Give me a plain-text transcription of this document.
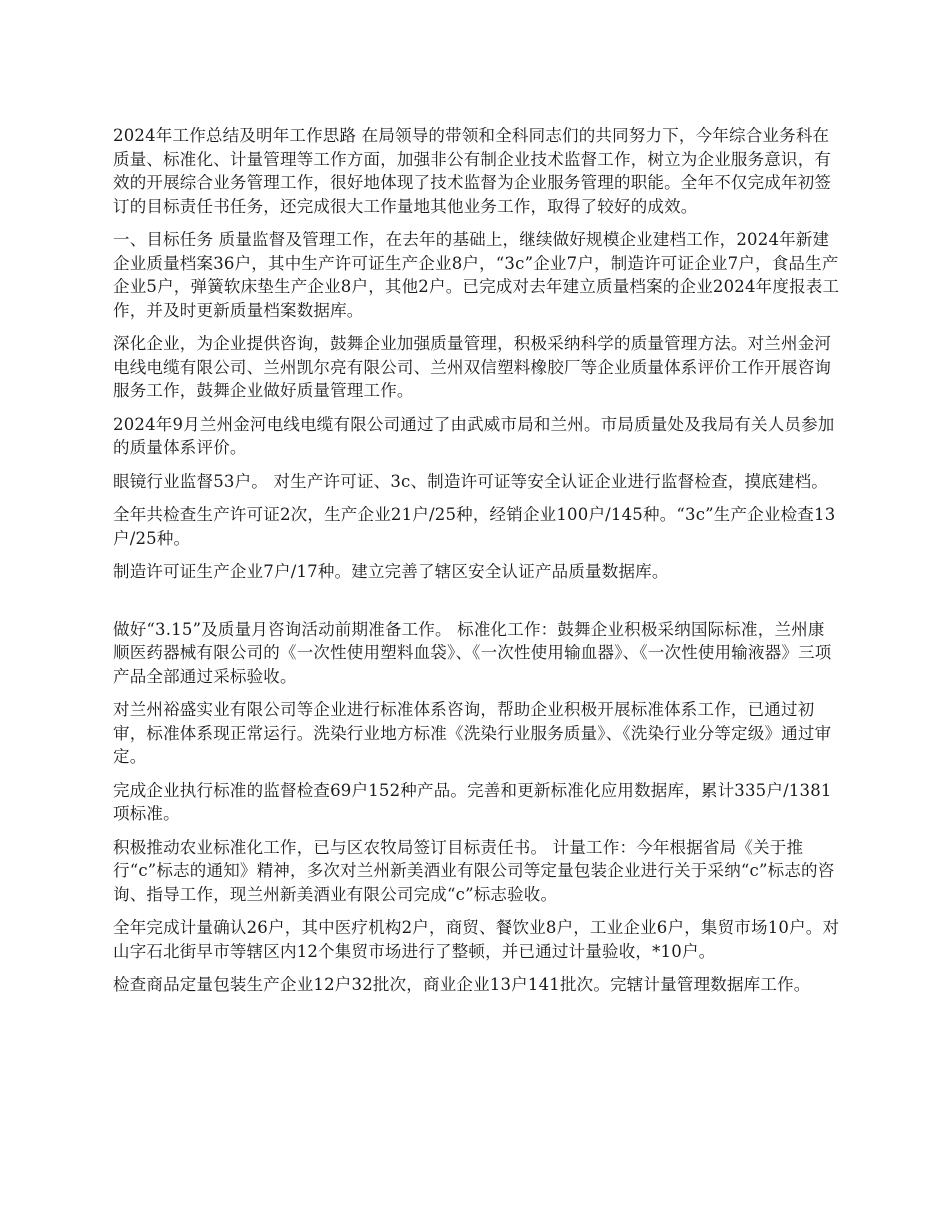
2024年工作总结及明年工作思路 在局领导的带领和全科同志们的共同努力下，今年综合业务科在质量、标准化、计量管理等工作方面，加强非公有制企业技术监督工作，树立为企业服务意识，有效的开展综合业务管理工作，很好地体现了技术监督为企业服务管理的职能。全年不仅完成年初签订的目标责任书任务，还完成很大工作量地其他业务工作，取得了较好的成效。

一、目标任务 质量监督及管理工作，在去年的基础上，继续做好规模企业建档工作，2024年新建企业质量档案36户，其中生产许可证生产企业8户，“3c”企业7户，制造许可证企业7户，食品生产企业5户，弹簧软床垫生产企业8户，其他2户。已完成对去年建立质量档案的企业2024年度报表工作，并及时更新质量档案数据库。

深化企业，为企业提供咨询，鼓舞企业加强质量管理，积极采纳科学的质量管理方法。对兰州金河电线电缆有限公司、兰州凯尔亮有限公司、兰州双信塑料橡胶厂等企业质量体系评价工作开展咨询服务工作，鼓舞企业做好质量管理工作。

2024年9月兰州金河电线电缆有限公司通过了由武威市局和兰州。市局质量处及我局有关人员参加的质量体系评价。

眼镜行业监督53户。 对生产许可证、3c、制造许可证等安全认证企业进行监督检查，摸底建档。

全年共检查生产许可证2次，生产企业21户/25种，经销企业100户/145种。“3c”生产企业检查13户/25种。

制造许可证生产企业7户/17种。建立完善了辖区安全认证产品质量数据库。

做好“3.15”及质量月咨询活动前期准备工作。 标准化工作：鼓舞企业积极采纳国际标准，兰州康顺医药器械有限公司的《一次性使用塑料血袋》、《一次性使用输血器》、《一次性使用输液器》三项产品全部通过采标验收。

对兰州裕盛实业有限公司等企业进行标准体系咨询，帮助企业积极开展标准体系工作，已通过初审，标准体系现正常运行。洗染行业地方标准《洗染行业服务质量》、《洗染行业分等定级》通过审定。

完成企业执行标准的监督检查69户152种产品。完善和更新标准化应用数据库，累计335户/1381项标准。

积极推动农业标准化工作，已与区农牧局签订目标责任书。 计量工作：今年根据省局《关于推行“c”标志的通知》精神，多次对兰州新美酒业有限公司等定量包装企业进行关于采纳“c”标志的咨询、指导工作，现兰州新美酒业有限公司完成“c”标志验收。

全年完成计量确认26户，其中医疗机构2户，商贸、餐饮业8户，工业企业6户，集贸市场10户。对山字石北街早市等辖区内12个集贸市场进行了整顿，并已通过计量验收，*10户。

检查商品定量包装生产企业12户32批次，商业企业13户141批次。完辖计量管理数据库工作。
